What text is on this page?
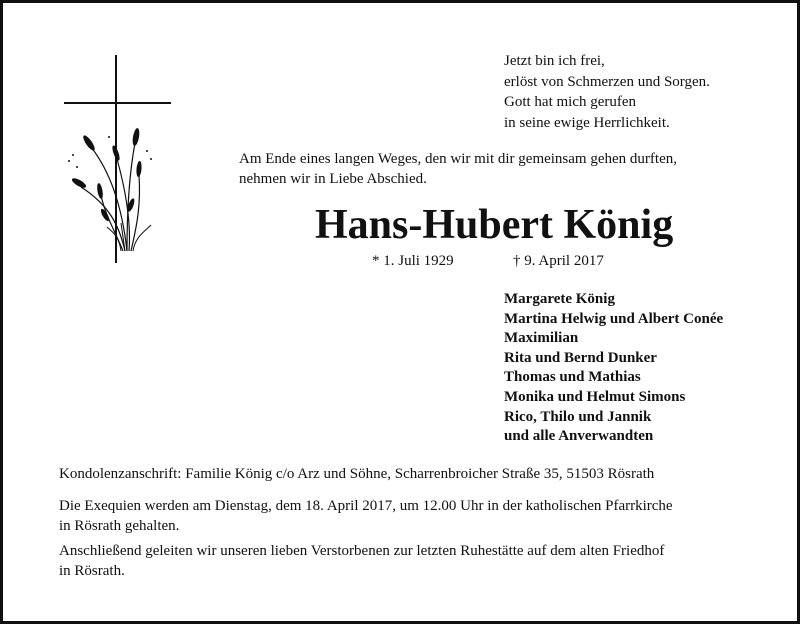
Jetzt bin ich frei,
erlöst von Schmerzen und Sorgen.
Gott hat mich gerufen
in seine ewige Herrlichkeit.
Am Ende eines langen Weges, den wir mit dir gemeinsam gehen durften,
nehmen wir in Liebe Abschied.
Hans-Hubert König
* 1. Juli 1929	† 9. April 2017
Margarete König
Martina Helwig und Albert Conée
Maximilian
Rita und Bernd Dunker
Thomas und Mathias
Monika und Helmut Simons
Rico, Thilo und Jannik
und alle Anverwandten
Kondolenzanschrift: Familie König c/o Arz und Söhne, Scharrenbroicher Straße 35, 51503 Rösrath
Die Exequien werden am Dienstag, dem 18. April 2017, um 12.00 Uhr in der katholischen Pfarrkirche
in Rösrath gehalten.
Anschließend geleiten wir unseren lieben Verstorbenen zur letzten Ruhestätte auf dem alten Friedhof
in Rösrath.
